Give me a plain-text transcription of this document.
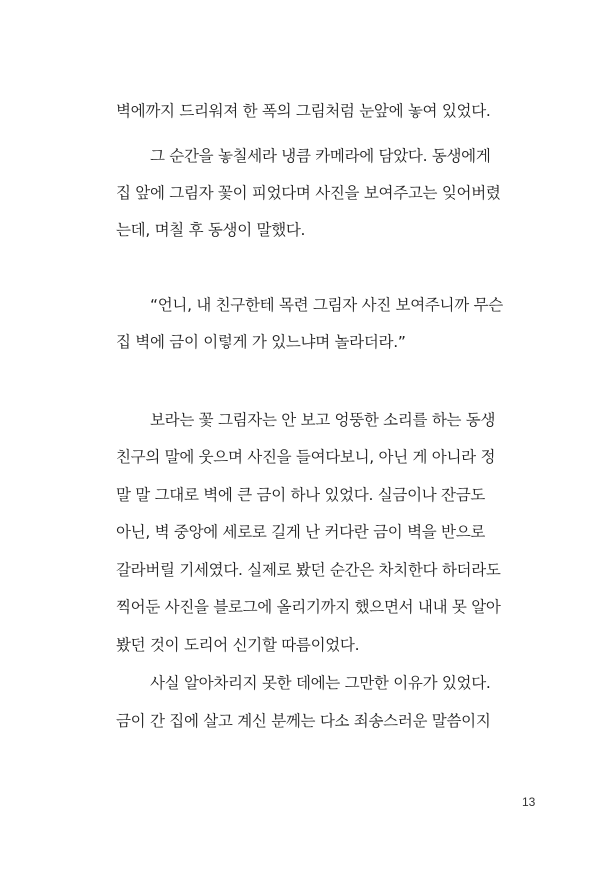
벽에까지 드리워져 한 폭의 그림처럼 눈앞에 놓여 있었다.
그 순간을 놓칠세라 냉큼 카메라에 담았다. 동생에게
집 앞에 그림자 꽃이 피었다며 사진을 보여주고는 잊어버렸
는데, 며칠 후 동생이 말했다.
“언니, 내 친구한테 목련 그림자 사진 보여주니까 무슨
집 벽에 금이 이렇게 가 있느냐며 놀라더라.”
보라는 꽃 그림자는 안 보고 엉뚱한 소리를 하는 동생
친구의 말에 웃으며 사진을 들여다보니, 아닌 게 아니라 정
말 말 그대로 벽에 큰 금이 하나 있었다. 실금이나 잔금도
아닌, 벽 중앙에 세로로 길게 난 커다란 금이 벽을 반으로
갈라버릴 기세였다. 실제로 봤던 순간은 차치한다 하더라도
찍어둔 사진을 블로그에 올리기까지 했으면서 내내 못 알아
봤던 것이 도리어 신기할 따름이었다.
사실 알아차리지 못한 데에는 그만한 이유가 있었다.
금이 간 집에 살고 계신 분께는 다소 죄송스러운 말씀이지
13
